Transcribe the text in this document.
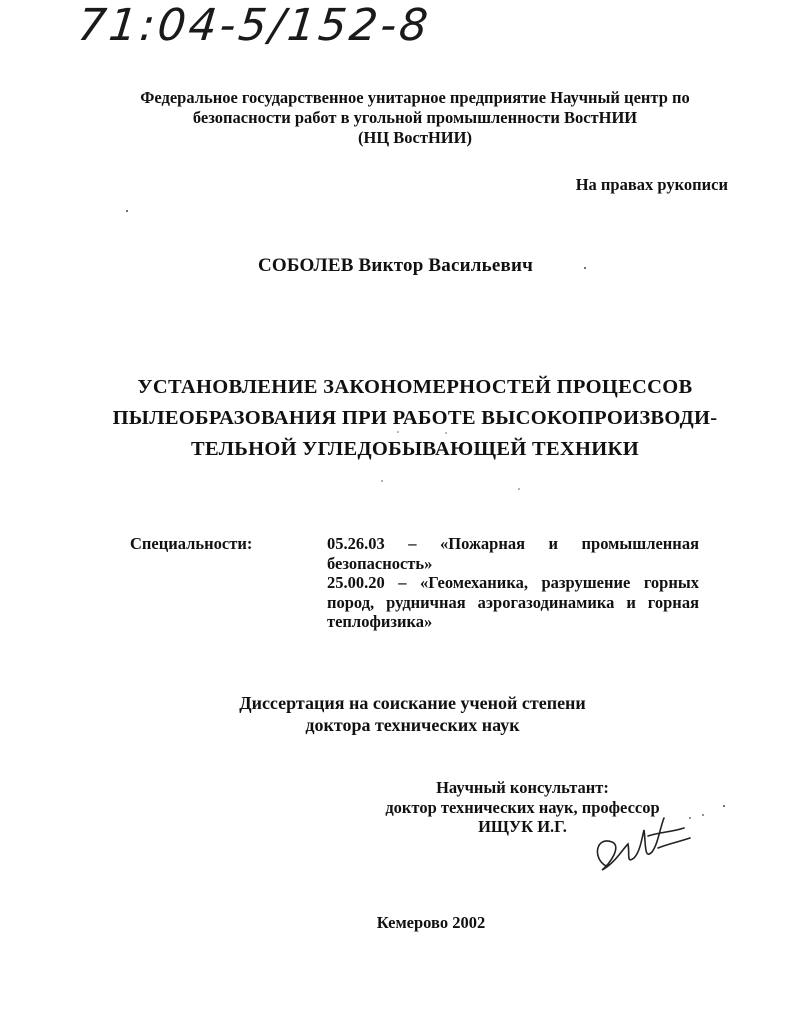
71:04-5/152-8
Федеральное государственное унитарное предприятие Научный центр по
безопасности работ в угольной промышленности ВостНИИ
(НЦ ВостНИИ)
На правах рукописи
СОБОЛЕВ Виктор Васильевич
УСТАНОВЛЕНИЕ ЗАКОНОМЕРНОСТЕЙ ПРОЦЕССОВ
ПЫЛЕОБРАЗОВАНИЯ ПРИ РАБОТЕ ВЫСОКОПРОИЗВОДИ-
ТЕЛЬНОЙ УГЛЕДОБЫВАЮЩЕЙ ТЕХНИКИ
Специальности:	05.26.03 – «Пожарная и промышленная безопасность»

25.00.20 – «Геомеханика, разрушение горных пород, рудничная аэрогазодинамика и горная теплофизика»

Диссертация на соискание ученой степени
доктора технических наук
Научный консультант:
доктор технических наук, профессор
ИЩУК И.Г.
Кемерово 2002
